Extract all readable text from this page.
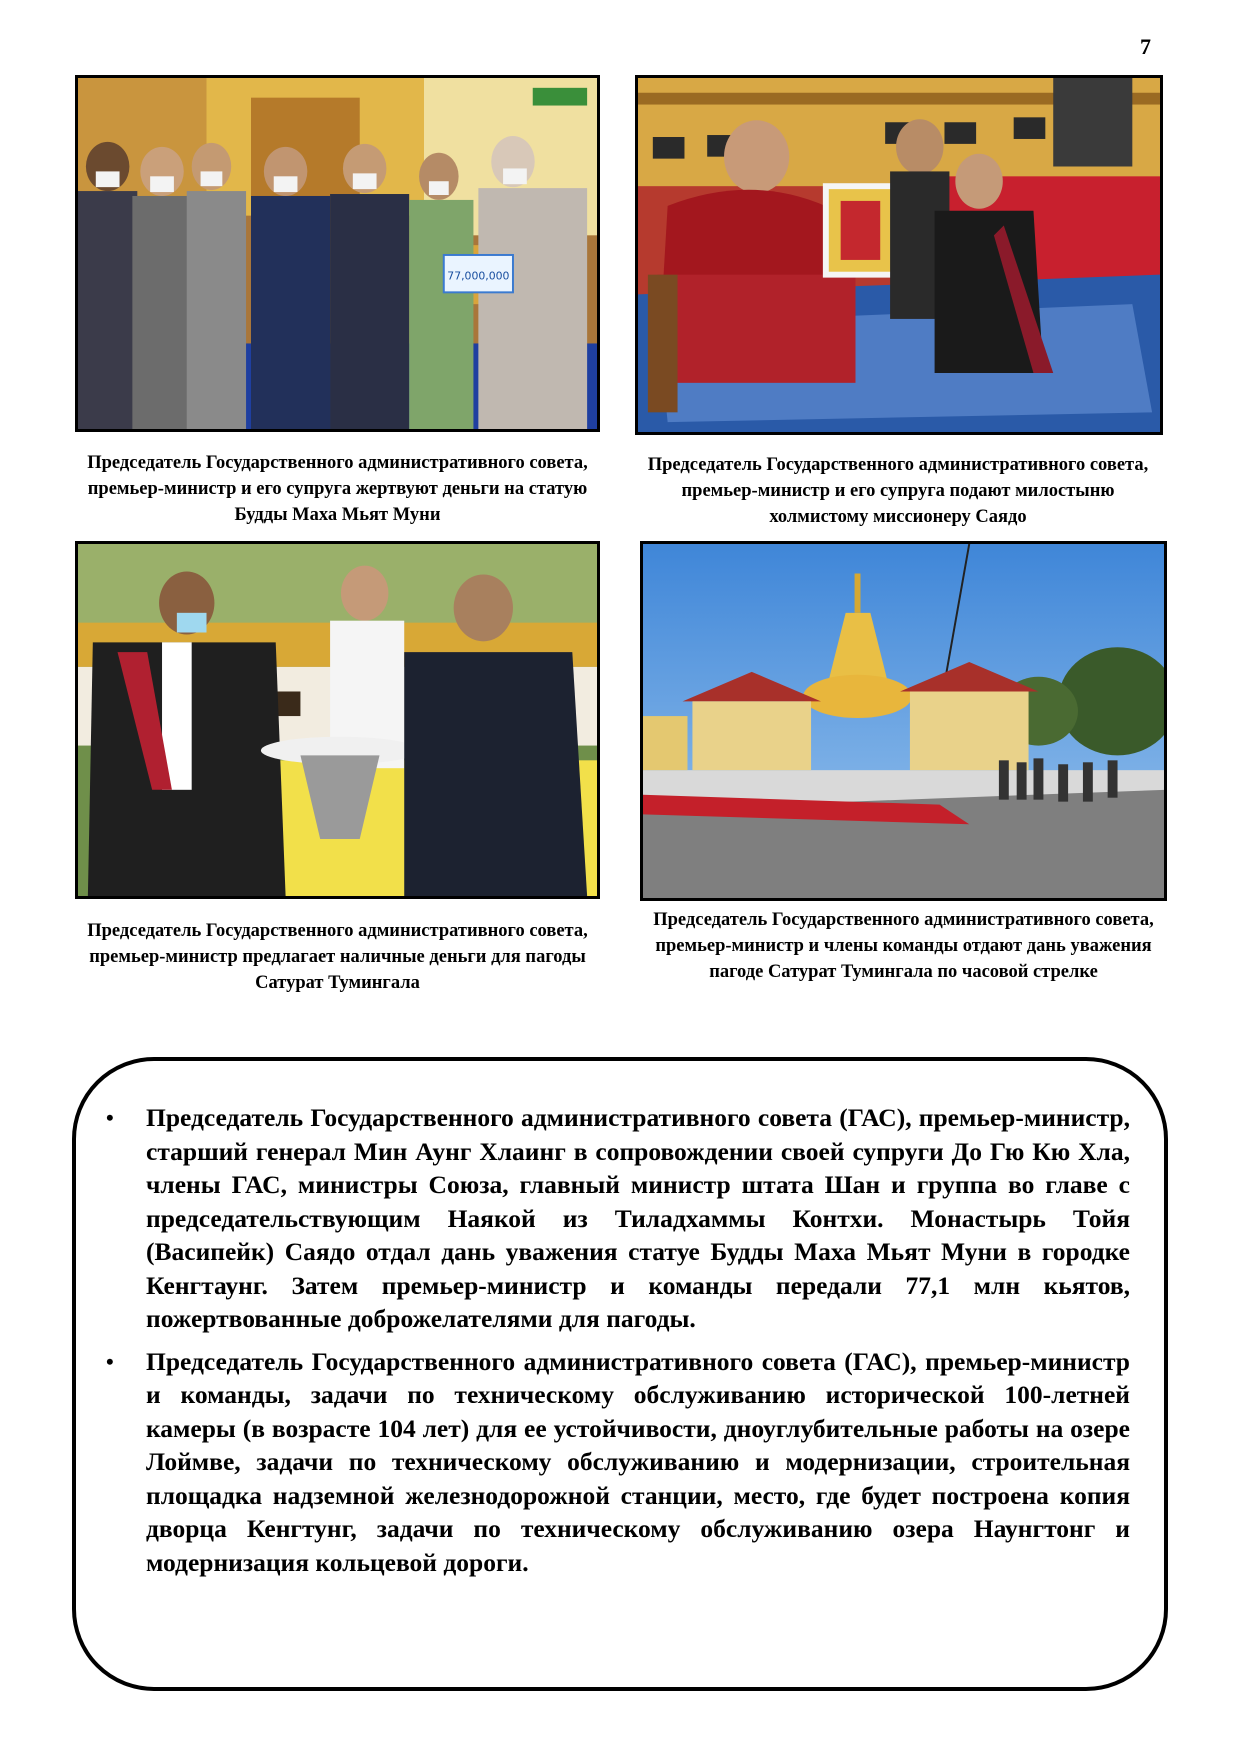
7
77,000,000
Председатель Государственного административного совета, премьер-министр и его супруга жертвуют деньги на статую Будды Маха Мьят Муни
Председатель Государственного административного совета, премьер-министр и его супруга подают милостыню холмистому миссионеру Саядо
Председатель Государственного административного совета, премьер-министр предлагает наличные деньги для пагоды Сатурат Тумингала
Председатель Государственного административного совета, премьер-министр и члены команды отдают дань уважения пагоде Сатурат Тумингала по часовой стрелке
• Председатель Государственного административного совета (ГАС), премьер-министр, старший генерал Мин Аунг Хлаинг в сопровождении своей супруги До Гю Кю Хла, члены ГАС, министры Союза, главный министр штата Шан и группа во главе с председательствующим Наякой из Тиладхаммы Контхи. Монастырь Тойя (Васипейк) Саядо отдал дань уважения статуе Будды Маха Мьят Муни в городке Кенгтаунг. Затем премьер-министр и команды передали 77,1 млн кьятов, пожертвованные доброжелателями для пагоды.
• Председатель Государственного административного совета (ГАС), премьер-министр и команды, задачи по техническому обслуживанию исторической 100-летней камеры (в возрасте 104 лет) для ее устойчивости, дноуглубительные работы на озере Лоймве, задачи по техническому обслуживанию и модернизации, строительная площадка надземной железнодорожной станции, место, где будет построена копия дворца Кенгтунг, задачи по техническому обслуживанию озера Наунгтонг и модернизация кольцевой дороги.
